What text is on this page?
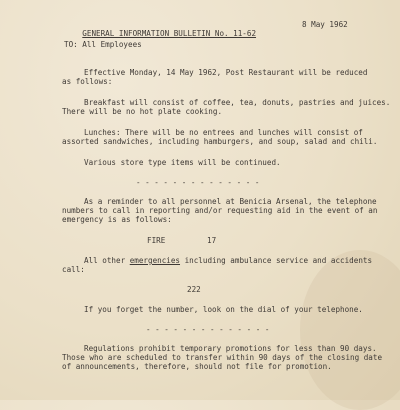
GENERAL INFORMATION BULLETIN No. 11-62

8 May 1962
TO: All Employees
Effective Monday, 14 May 1962, Post Restaurant will be reduced
as follows:
Breakfast will consist of coffee, tea, donuts, pastries and juices.
There will be no hot plate cooking.
Lunches: There will be no entrees and lunches will consist of
assorted sandwiches, including hamburgers, and soup, salad and chili.
Various store type items will be continued.
- - - - - - - - - - - - - -
As a reminder to all personnel at Benicia Arsenal, the telephone
numbers to call in reporting and/or requesting aid in the event of an
emergency is as follows:
FIRE	17
All other emergencies including ambulance service and accidents
call:
222
If you forget the number, look on the dial of your telephone.
- - - - - - - - - - - - - -
Regulations prohibit temporary promotions for less than 90 days.
Those who are scheduled to transfer within 90 days of the closing date
of announcements, therefore, should not file for promotion.
